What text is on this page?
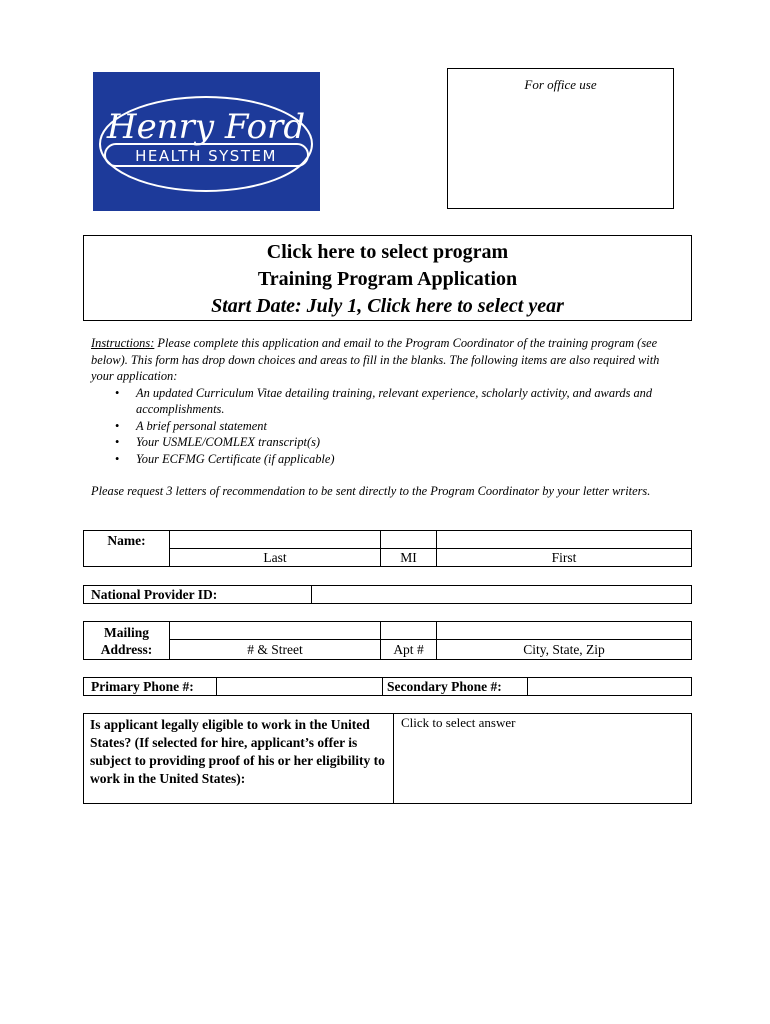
Henry Ford
HEALTH SYSTEM
For office use
Click here to select program
Training Program Application
Start Date: July 1, Click here to select year
Instructions: Please complete this application and email to the Program Coordinator of the training program (see below). This form has drop down choices and areas to fill in the blanks. The following items are also required with your application:
• An updated Curriculum Vitae detailing training, relevant experience, scholarly activity, and awards and accomplishments.
• A brief personal statement
• Your USMLE/COMLEX transcript(s)
• Your ECFMG Certificate (if applicable)
Please request 3 letters of recommendation to be sent directly to the Program Coordinator by your letter writers.
Name:			
	Last	MI	First
National Provider ID:	
Mailing
Address:			
	# & Street	Apt #	City, State, Zip
Primary Phone #:		Secondary Phone #:	
Is applicant legally eligible to work in the United States? (If selected for hire, applicant’s offer is subject to providing proof of his or her eligibility to work in the United States):	Click to select answer
